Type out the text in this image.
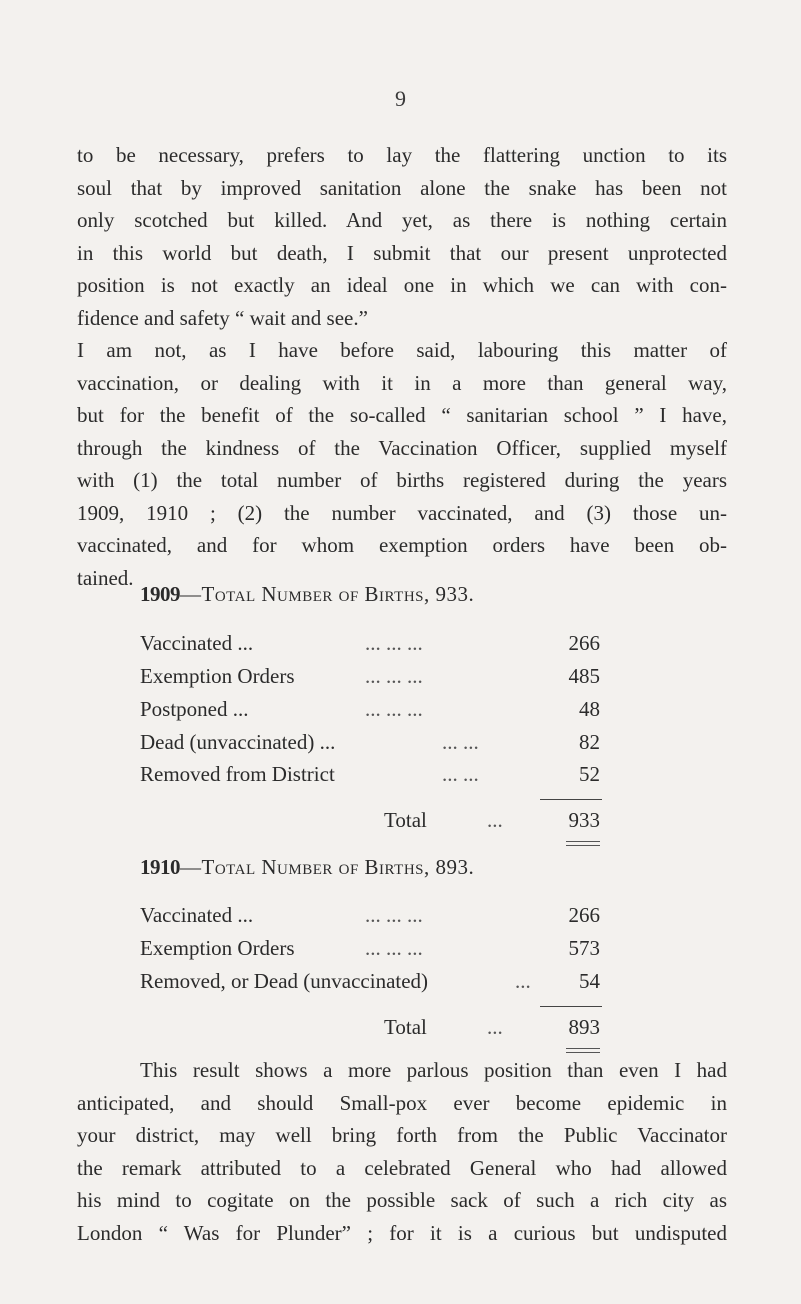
9
to be necessary, prefers to lay the flattering unction to its
soul that by improved sanitation alone the snake has been not
only scotched but killed. And yet, as there is nothing certain
in this world but death, I submit that our present unprotected
position is not exactly an ideal one in which we can with con-
fidence and safety “ wait and see.”
I am not, as I have before said, labouring this matter of
vaccination, or dealing with it in a more than general way,
but for the benefit of the so-called “ sanitarian school ” I have,
through the kindness of the Vaccination Officer, supplied myself
with (1) the total number of births registered during the years
1909, 1910 ; (2) the number vaccinated, and (3) those un-
vaccinated, and for whom exemption orders have been ob-
tained.
1909—Total Number of Births, 933.
Vaccinated ...	... ... ...	266
Exemption Orders	... ... ...	485
Postponed ...	... ... ...	48
Dead (unvaccinated) ...	... ...	82
Removed from District	... ...	52
Total	...	933
1910—Total Number of Births, 893.
Vaccinated ...	... ... ...	266
Exemption Orders	... ... ...	573
Removed, or Dead (unvaccinated)	... 54
Total	...	893
This result shows a more parlous position than even I had
anticipated, and should Small-pox ever become epidemic in
your district, may well bring forth from the Public Vaccinator
the remark attributed to a celebrated General who had allowed
his mind to cogitate on the possible sack of such a rich city as
London “ Was for Plunder” ; for it is a curious but undisputed
